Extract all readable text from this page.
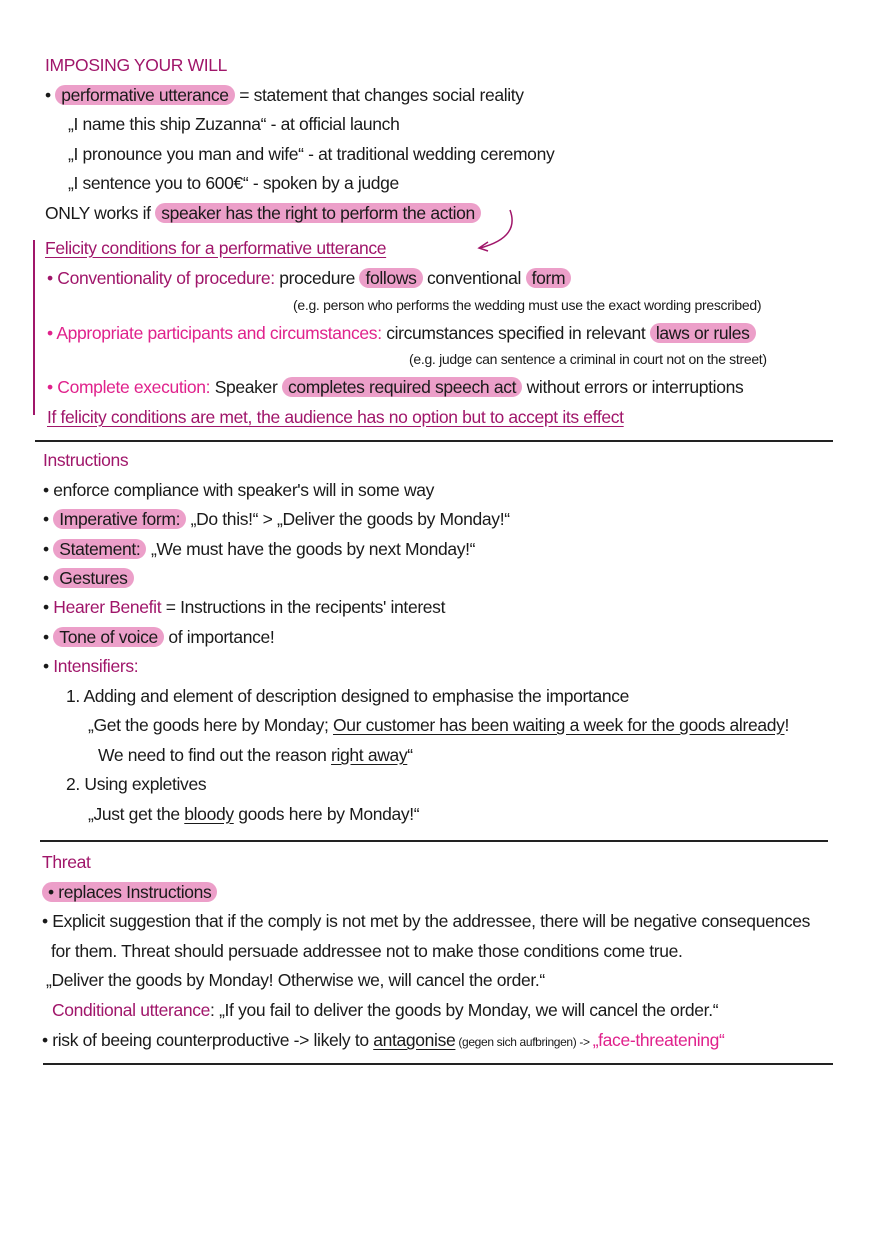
IMPOSING YOUR WILL
• performative utterance = statement that changes social reality
„I name this ship Zuzanna“ - at official launch
„I pronounce you man and wife“ - at traditional wedding ceremony
„I sentence you to 600€“ - spoken by a judge
ONLY works if speaker has the right to perform the action
Felicity conditions for a performative utterance
• Conventionality of procedure: procedure follows conventional form
(e.g. person who performs the wedding must use the exact wording prescribed)
• Appropriate participants and circumstances: circumstances specified in relevant laws or rules
(e.g. judge can sentence a criminal in court not on the street)
• Complete execution: Speaker completes required speech act without errors or interruptions
If felicity conditions are met, the audience has no option but to accept its effect
Instructions
• enforce compliance with speaker's will in some way
• Imperative form: „Do this!“ > „Deliver the goods by Monday!“
• Statement: „We must have the goods by next Monday!“
• Gestures
• Hearer Benefit = Instructions in the recipents' interest
• Tone of voice of importance!
• Intensifiers:
1. Adding and element of description designed to emphasise the importance
„Get the goods here by Monday; Our customer has been waiting a week for the goods already!
We need to find out the reason right away“
2. Using expletives
„Just get the bloody goods here by Monday!“
Threat
• replaces Instructions
• Explicit suggestion that if the comply is not met by the addressee, there will be negative consequences
for them. Threat should persuade addressee not to make those conditions come true.
„Deliver the goods by Monday! Otherwise we, will cancel the order.“
Conditional utterance: „If you fail to deliver the goods by Monday, we will cancel the order.“
• risk of beeing counterproductive -> likely to antagonise (gegen sich aufbringen) -> „face-threatening“
